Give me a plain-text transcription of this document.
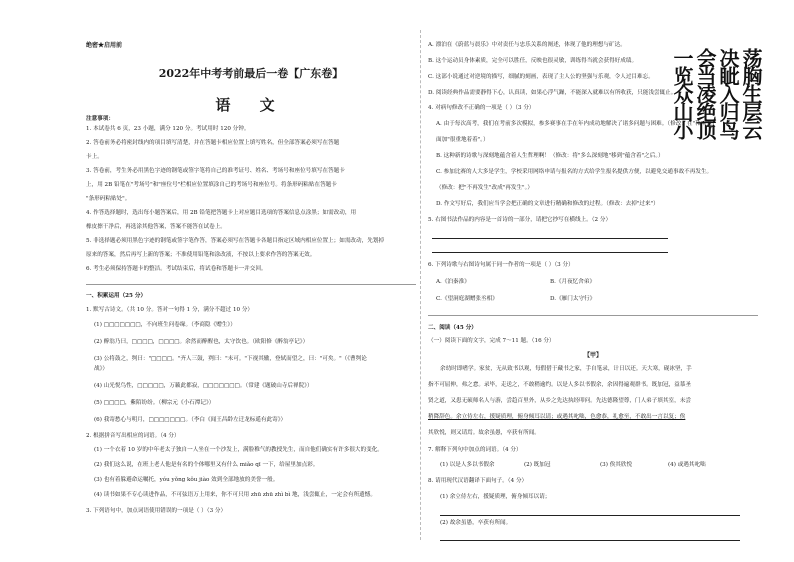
绝密★启用前
2022年中考考前最后一卷【广东卷】
语 文
注意事项：
1. 本试卷共 6 页，23 小题，满分 120 分。考试用时 120 分钟。
2. 答卷前务必将密封线内的项目填写清楚，并在答题卡相应位置上填写姓名，但全部答案必须写在答题
卡上。
3. 答卷前，考生务必用黑色字迹的钢笔或签字笔将自己的准考证号、姓名、考场号和座位号填写在答题卡
上，用 2B 铅笔在"考场号"和"座位号"栏相应位置填涂自己的考场号和座位号。将条形码粘贴在答题卡
"条形码粘贴处"。
4. 作答选择题时，选出每小题答案后，用 2B 铅笔把答题卡上对应题目选项的答案信息点涂黑；如需改动，用
橡皮擦干净后，再选涂其他答案，答案不能答在试卷上。
5. 非选择题必须用黑色字迹的钢笔或签字笔作答，答案必须写在答题卡各题目指定区域内相应位置上；如需改动，先划掉
原来的答案，然后再写上新的答案；不准使用铅笔和涂改液，不按以上要求作答的答案无效。
6. 考生必须保持答题卡的整洁。考试结束后，将试卷和答题卡一并交回。
一、积累运用（25 分）
1. 默写古诗文。（共 10 分。答对一句得 1 分，满分不超过 10 分）
(1) □□□□□□□，不向班生问卷缘。（李商隐《赠生》）
(2) 醉翁乃曰，□□□□，□□□□。余然而醉醒也，太守饮也。（欧阳修《醉翁亭记》）
(3) 公将鼓之，刿曰："□□□□。"齐人三鼓，刿曰："未可。"下视其辙，登轼而望之，曰："可矣。"（《曹刿论
战》）
(4) 山光悦鸟性，□□□□□，万籁此都寂，□□□□□□□。（常建《题破山寺后禅院》）
(5) □□□□，紫陌纷纷。（柳宗元《小石潭记》）
(6) 我寄愁心与明月，□□□□□□□。（李白《闻王昌龄左迁龙标遥有此寄》）
2. 根据拼音写出相应的词语。（4 分）
(1) 一个衣着 10 岁的中年老太子独自一人坐在一个沙发上，满脸稚气的教授先生，而自他们确实有许多很大的变化。
(2) 我们这么说，在班上老人他是有名的个体哪里又有什么 miǎo qī 一下，给屋里加点彩。
(3) 也有着躲避命运嘱托，yóu yǒng kǒu jiào 效到全部地放的美誉一般。
(4) 读书如果不专心读进作品，不可弦语万上用来，你不可只用 zhū zhū zhì bì 地，浅尝辄止，一定会有所遗憾。
3. 下列语句中，加点词语使用错误的一项是（ ）（3 分）
A. 漂泊在《蔚蓝与晨乐》中对责任与忠乐关系的阐述，体现了他的理想与矿达。
B. 这个运动员身体素质，完全可以胜任，反映也很灵敏，训练得当就会获得好成绩。
C. 这部小说通过对逆境的描写，细腻的刻画，表现了主人公的坚强与乐观，令人过目难忘。
D. 阅读经典作品需要静得下心，认真读，如果心浮气躁，不能深入就难以有所收获，只能浅尝辄止。
4. 对病句修改不正确的一项是（ ）（3 分）
A. 由于每次高考，我们在考前多次模拟，参多赛事在手在年内成功地解决了诸多问题与困难。（修改：在"和"的后
面加"很重地着着"。）
B. 这种新的诗歌与深刻地蕴含着人生哲理啊！（修改：将"多么深刻地"移到"蕴含着"之后。）
C. 参加比赛的人大多是学生，学校采用网络申请与报名的方式给学生报名提供方便，以避免交通事故不再发生。
（修改：把"不再发生"改成"再发生"。）
D. 作文写好后，我们应当学会把正确的文章进行精确和修改的过程。（修改：去掉"过来"）
5. 右图书法作品的内容是一首诗的一部分，请把它抄写在横线上。（2 分）
6. 下列诗歌与右图诗句属于同一作者的一项是（ ）（3 分）
A.《泊秦淮》	B.《月夜忆舍弟》
C.《望洞庭湖赠张丞相》	D.《雁门太守行》
二、阅读（45 分）
（一）阅读下面的文字，完成 7～11 题。（16 分）
【甲】
余幼时即嗜学。家贫，无从致书以观，每假借于藏书之家，手自笔录，计日以还。天大寒，砚冰坚，手
指不可屈伸，弗之怠。录毕，走送之，不敢稍逾约。以是人多以书假余，余因得遍观群书。既加冠，益慕圣
贤之道，又患无硕师名人与游，尝趋百里外，从乡之先达执经叩问。先达德隆望尊，门人弟子填其室，未尝
稍降辞色。余立侍左右，援疑质理，俯身倾耳以请；或遇其叱咄，色愈恭，礼愈至，不敢出一言以复；俟
其欣悦，则又请焉。故余虽愚，卒获有所闻。
7. 解释下列句中加点的词语。（4 分）
(1) 以是人多以书假余	(2) 既加冠	(3) 俟其欣悦	(4) 或遇其叱咄
8. 请用现代汉语翻译下面句子。（4 分）
(1) 余立侍左右，援疑质理，俯身倾耳以请；
(2) 故余虽愚，卒获有所闻。
荡胸生层云
决眦入归鸟
会当凌绝顶
一览众山小
